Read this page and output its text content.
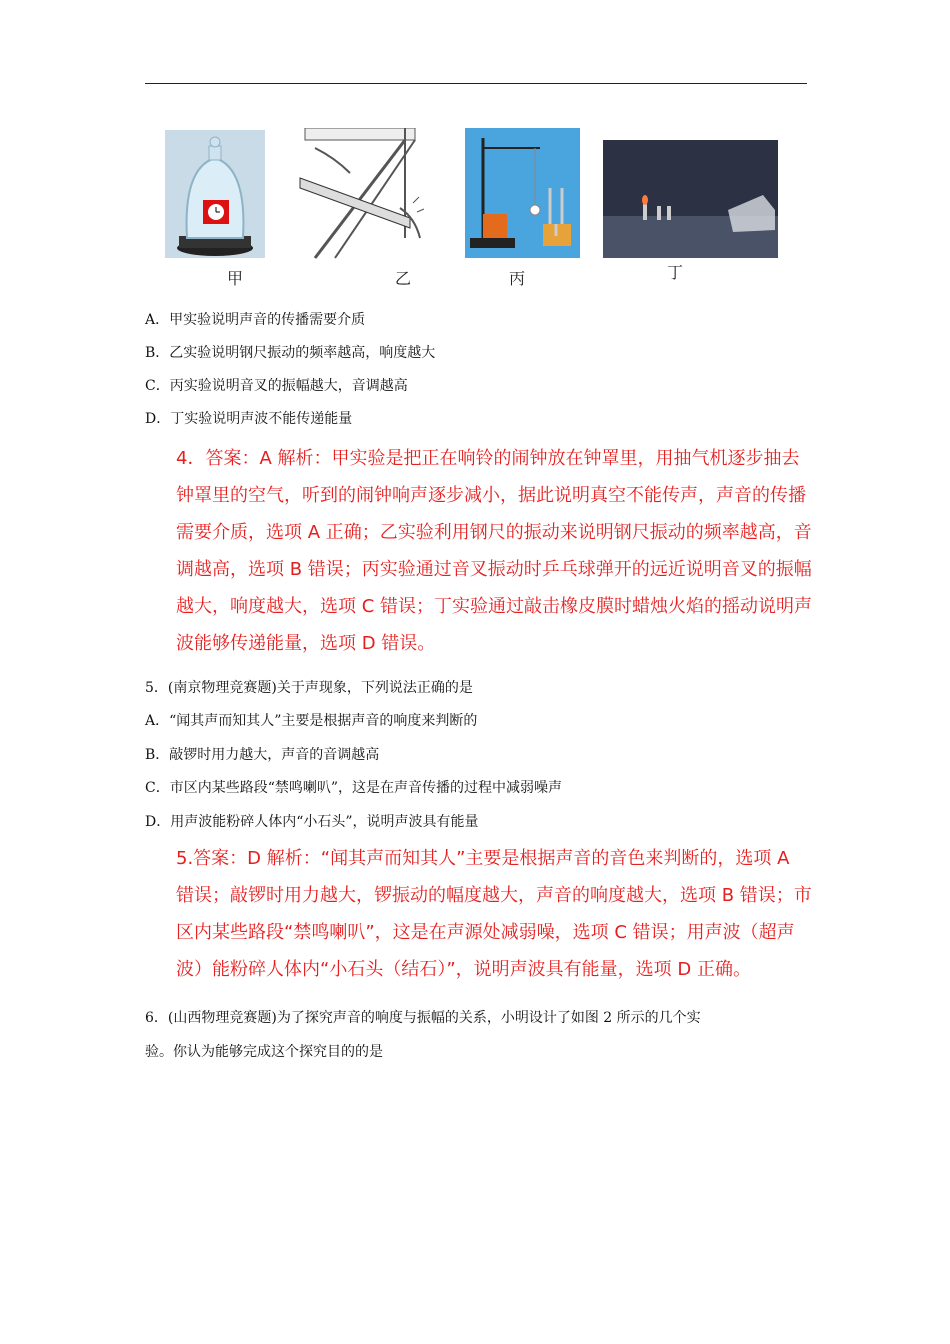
甲	乙	丙	丁
A．甲实验说明声音的传播需要介质
B．乙实验说明钢尺振动的频率越高，响度越大
C．丙实验说明音叉的振幅越大，音调越高
D．丁实验说明声波不能传递能量

4．答案：A 解析：甲实验是把正在响铃的闹钟放在钟罩里，用抽气机逐步抽去

钟罩里的空气，听到的闹钟响声逐步减小，据此说明真空不能传声，声音的传播

需要介质，选项 A 正确；乙实验利用钢尺的振动来说明钢尺振动的频率越高，音

调越高，选项 B 错误；丙实验通过音叉振动时乒乓球弹开的远近说明音叉的振幅

越大，响度越大，选项 C 错误；丁实验通过敲击橡皮膜时蜡烛火焰的摇动说明声

波能够传递能量，选项 D 错误。

5．(南京物理竞赛题)关于声现象，下列说法正确的是
A．“闻其声而知其人”主要是根据声音的响度来判断的
B．敲锣时用力越大，声音的音调越高
C．市区内某些路段“禁鸣喇叭”，这是在声音传播的过程中减弱噪声
D．用声波能粉碎人体内“小石头”，说明声波具有能量

5.答案：D 解析：“闻其声而知其人”主要是根据声音的音色来判断的，选项 A

错误；敲锣时用力越大，锣振动的幅度越大，声音的响度越大，选项 B 错误；市

区内某些路段“禁鸣喇叭”，这是在声源处减弱噪，选项 C 错误；用声波（超声

波）能粉碎人体内“小石头（结石）”，说明声波具有能量，选项 D 正确。

6．(山西物理竞赛题)为了探究声音的响度与振幅的关系，小明设计了如图 2 所示的几个实
验。你认为能够完成这个探究目的的是
